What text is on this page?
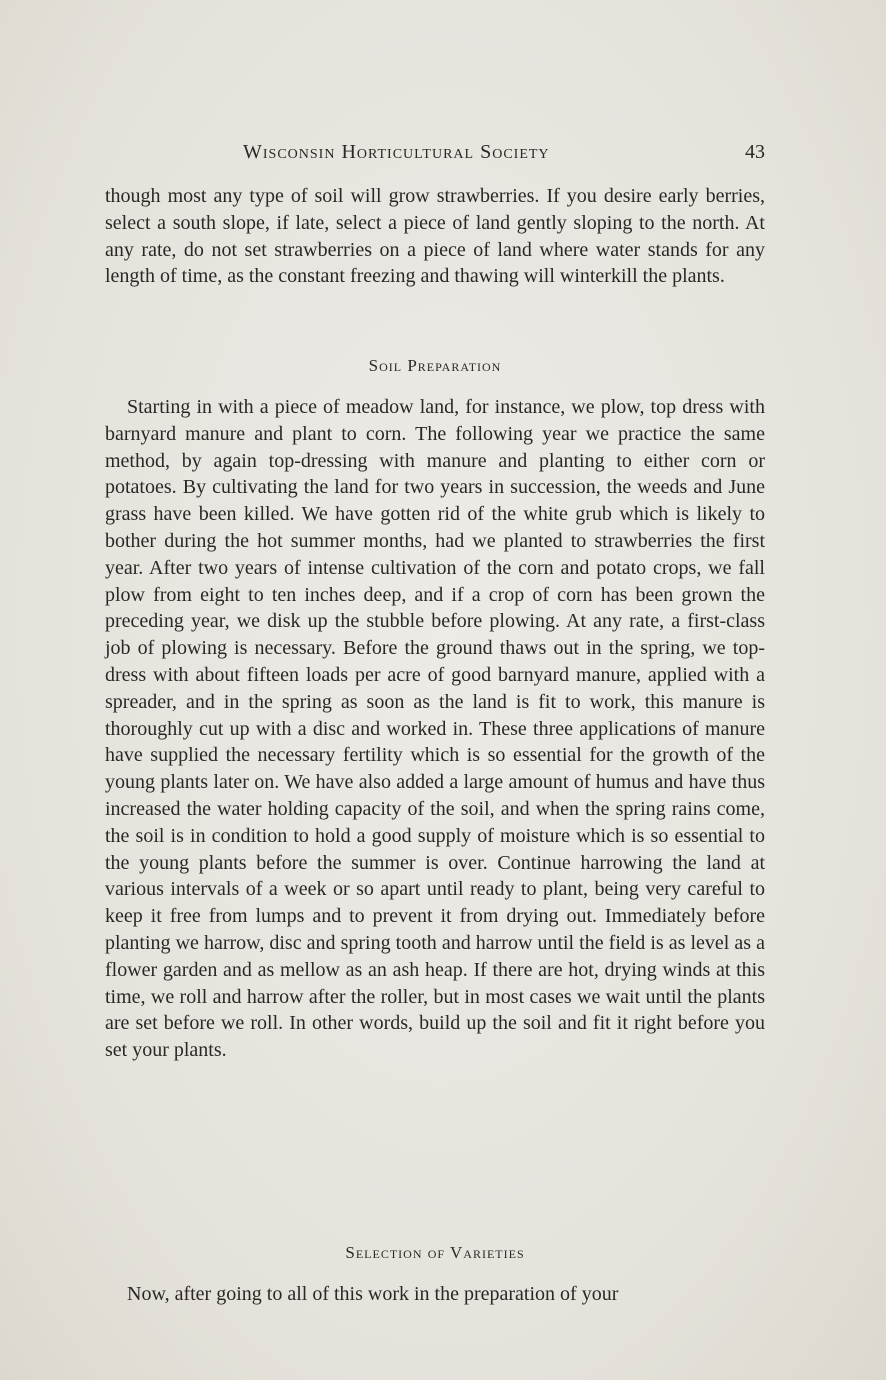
Wisconsin Horticultural Society	43

though most any type of soil will grow strawberries. If you desire early berries, select a south slope, if late, select a piece of land gently sloping to the north. At any rate, do not set strawberries on a piece of land where water stands for any length of time, as the constant freezing and thawing will winterkill the plants.

Soil Preparation

Starting in with a piece of meadow land, for instance, we plow, top dress with barnyard manure and plant to corn. The following year we practice the same method, by again top-dressing with manure and planting to either corn or potatoes. By cultivating the land for two years in succession, the weeds and June grass have been killed. We have gotten rid of the white grub which is likely to bother during the hot summer months, had we planted to strawberries the first year. After two years of intense cultivation of the corn and potato crops, we fall plow from eight to ten inches deep, and if a crop of corn has been grown the preceding year, we disk up the stubble before plowing. At any rate, a first-class job of plowing is necessary. Before the ground thaws out in the spring, we top-dress with about fifteen loads per acre of good barnyard manure, applied with a spreader, and in the spring as soon as the land is fit to work, this manure is thoroughly cut up with a disc and worked in. These three applications of manure have supplied the necessary fertility which is so essential for the growth of the young plants later on. We have also added a large amount of humus and have thus increased the water holding capacity of the soil, and when the spring rains come, the soil is in condition to hold a good supply of moisture which is so essential to the young plants before the summer is over. Continue harrowing the land at various intervals of a week or so apart until ready to plant, being very careful to keep it free from lumps and to prevent it from drying out. Immediately before planting we harrow, disc and spring tooth and harrow until the field is as level as a flower garden and as mellow as an ash heap. If there are hot, drying winds at this time, we roll and harrow after the roller, but in most cases we wait until the plants are set before we roll. In other words, build up the soil and fit it right before you set your plants.

Selection of Varieties

Now, after going to all of this work in the preparation of your
